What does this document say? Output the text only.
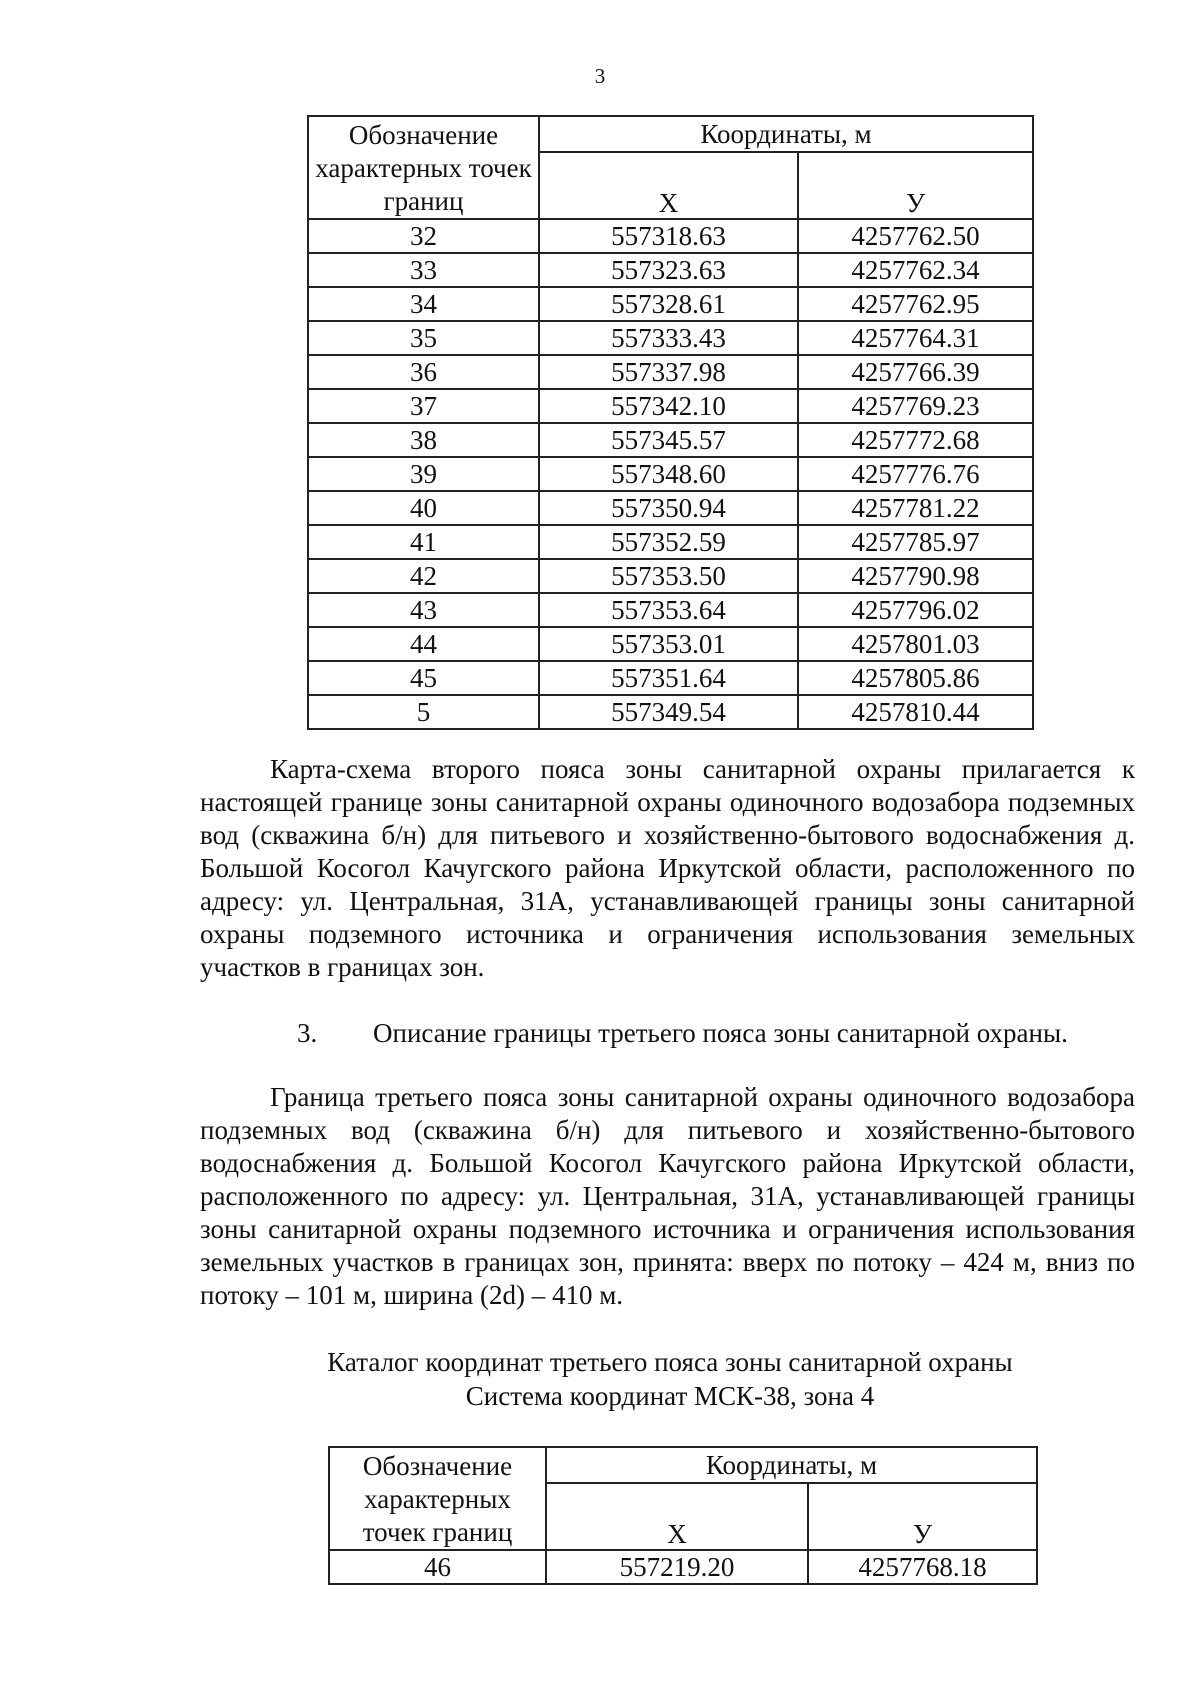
3
Обозначение характерных точек границ	Координаты, м	
	Х	У
32	557318.63	4257762.50
33	557323.63	4257762.34
34	557328.61	4257762.95
35	557333.43	4257764.31
36	557337.98	4257766.39
37	557342.10	4257769.23
38	557345.57	4257772.68
39	557348.60	4257776.76
40	557350.94	4257781.22
41	557352.59	4257785.97
42	557353.50	4257790.98
43	557353.64	4257796.02
44	557353.01	4257801.03
45	557351.64	4257805.86
5	557349.54	4257810.44

Карта-схема второго пояса зоны санитарной охраны прилагается к настоящей границе зоны санитарной охраны одиночного водозабора подземных вод (скважина б/н) для питьевого и хозяйственно-бытового водоснабжения д. Большой Косогол Качугского района Иркутской области, расположенного по адресу: ул. Центральная, 31А, устанавливающей границы зоны санитарной охраны подземного источника и ограничения использования земельных участков в границах зон.

3. Описание границы третьего пояса зоны санитарной охраны.

Граница третьего пояса зоны санитарной охраны одиночного водозабора подземных вод (скважина б/н) для питьевого и хозяйственно-бытового водоснабжения д. Большой Косогол Качугского района Иркутской области, расположенного по адресу: ул. Центральная, 31А, устанавливающей границы зоны санитарной охраны подземного источника и ограничения использования земельных участков в границах зон, принята: вверх по потоку – 424 м, вниз по потоку – 101 м, ширина (2d) – 410 м.

Каталог координат третьего пояса зоны санитарной охраны
Система координат МСК-38, зона 4
Обозначение характерных точек границ	Координаты, м	
	Х	У
46	557219.20	4257768.18
